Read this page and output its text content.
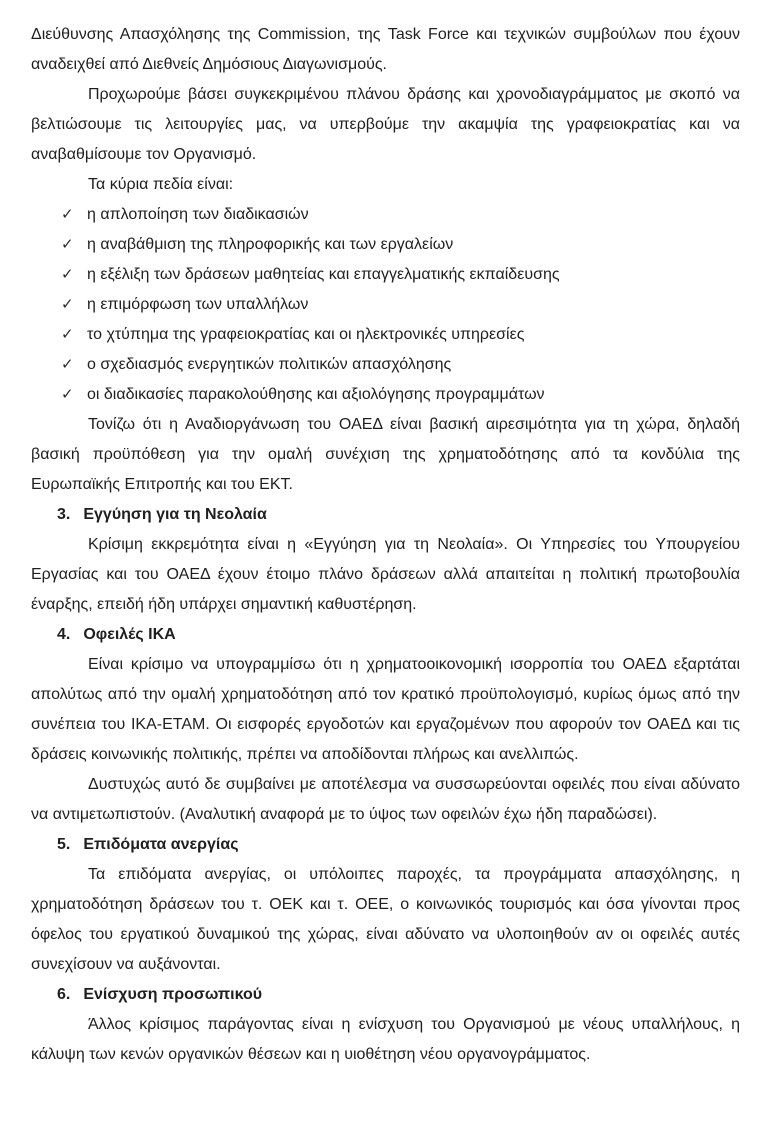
Διεύθυνσης Απασχόλησης της Commission, της Task Force και τεχνικών συμβούλων που έχουν αναδειχθεί από Διεθνείς Δημόσιους Διαγωνισμούς.

Προχωρούμε βάσει συγκεκριμένου πλάνου δράσης και χρονοδιαγράμματος με σκοπό να βελτιώσουμε τις λειτουργίες μας, να υπερβούμε την ακαμψία της γραφειοκρατίας και να αναβαθμίσουμε τον Οργανισμό.

Τα κύρια πεδία είναι:

✓ η απλοποίηση των διαδικασιών
✓ η αναβάθμιση της πληροφορικής και των εργαλείων
✓ η εξέλιξη των δράσεων μαθητείας και επαγγελματικής εκπαίδευσης
✓ η επιμόρφωση των υπαλλήλων
✓ το χτύπημα της γραφειοκρατίας και οι ηλεκτρονικές υπηρεσίες
✓ ο σχεδιασμός ενεργητικών πολιτικών απασχόλησης
✓ οι διαδικασίες παρακολούθησης και αξιολόγησης προγραμμάτων

Τονίζω ότι η Αναδιοργάνωση του ΟΑΕΔ είναι βασική αιρεσιμότητα για τη χώρα, δηλαδή βασική προϋπόθεση για την ομαλή συνέχιση της χρηματοδότησης από τα κονδύλια της Ευρωπαϊκής Επιτροπής και του ΕΚΤ.

3. Εγγύηση για τη Νεολαία

Κρίσιμη εκκρεμότητα είναι η «Εγγύηση για τη Νεολαία». Οι Υπηρεσίες του Υπουργείου Εργασίας και του ΟΑΕΔ έχουν έτοιμο πλάνο δράσεων αλλά απαιτείται η πολιτική πρωτοβουλία έναρξης, επειδή ήδη υπάρχει σημαντική καθυστέρηση.

4. Οφειλές ΙΚΑ

Είναι κρίσιμο να υπογραμμίσω ότι η χρηματοοικονομική ισορροπία του ΟΑΕΔ εξαρτάται απολύτως από την ομαλή χρηματοδότηση από τον κρατικό προϋπολογισμό, κυρίως όμως από την συνέπεια του ΙΚΑ-ΕΤΑΜ. Οι εισφορές εργοδοτών και εργαζομένων που αφορούν τον ΟΑΕΔ και τις δράσεις κοινωνικής πολιτικής, πρέπει να αποδίδονται πλήρως και ανελλιπώς.

Δυστυχώς αυτό δε συμβαίνει με αποτέλεσμα να συσσωρεύονται οφειλές που είναι αδύνατο να αντιμετωπιστούν. (Αναλυτική αναφορά με το ύψος των οφειλών έχω ήδη παραδώσει).

5. Επιδόματα ανεργίας

Τα επιδόματα ανεργίας, οι υπόλοιπες παροχές, τα προγράμματα απασχόλησης, η χρηματοδότηση δράσεων του τ. ΟΕΚ και τ. ΟΕΕ, ο κοινωνικός τουρισμός και όσα γίνονται προς όφελος του εργατικού δυναμικού της χώρας, είναι αδύνατο να υλοποιηθούν αν οι οφειλές αυτές συνεχίσουν να αυξάνονται.

6. Ενίσχυση προσωπικού

Άλλος κρίσιμος παράγοντας είναι η ενίσχυση του Οργανισμού με νέους υπαλλήλους, η κάλυψη των κενών οργανικών θέσεων και η υιοθέτηση νέου οργανογράμματος.
